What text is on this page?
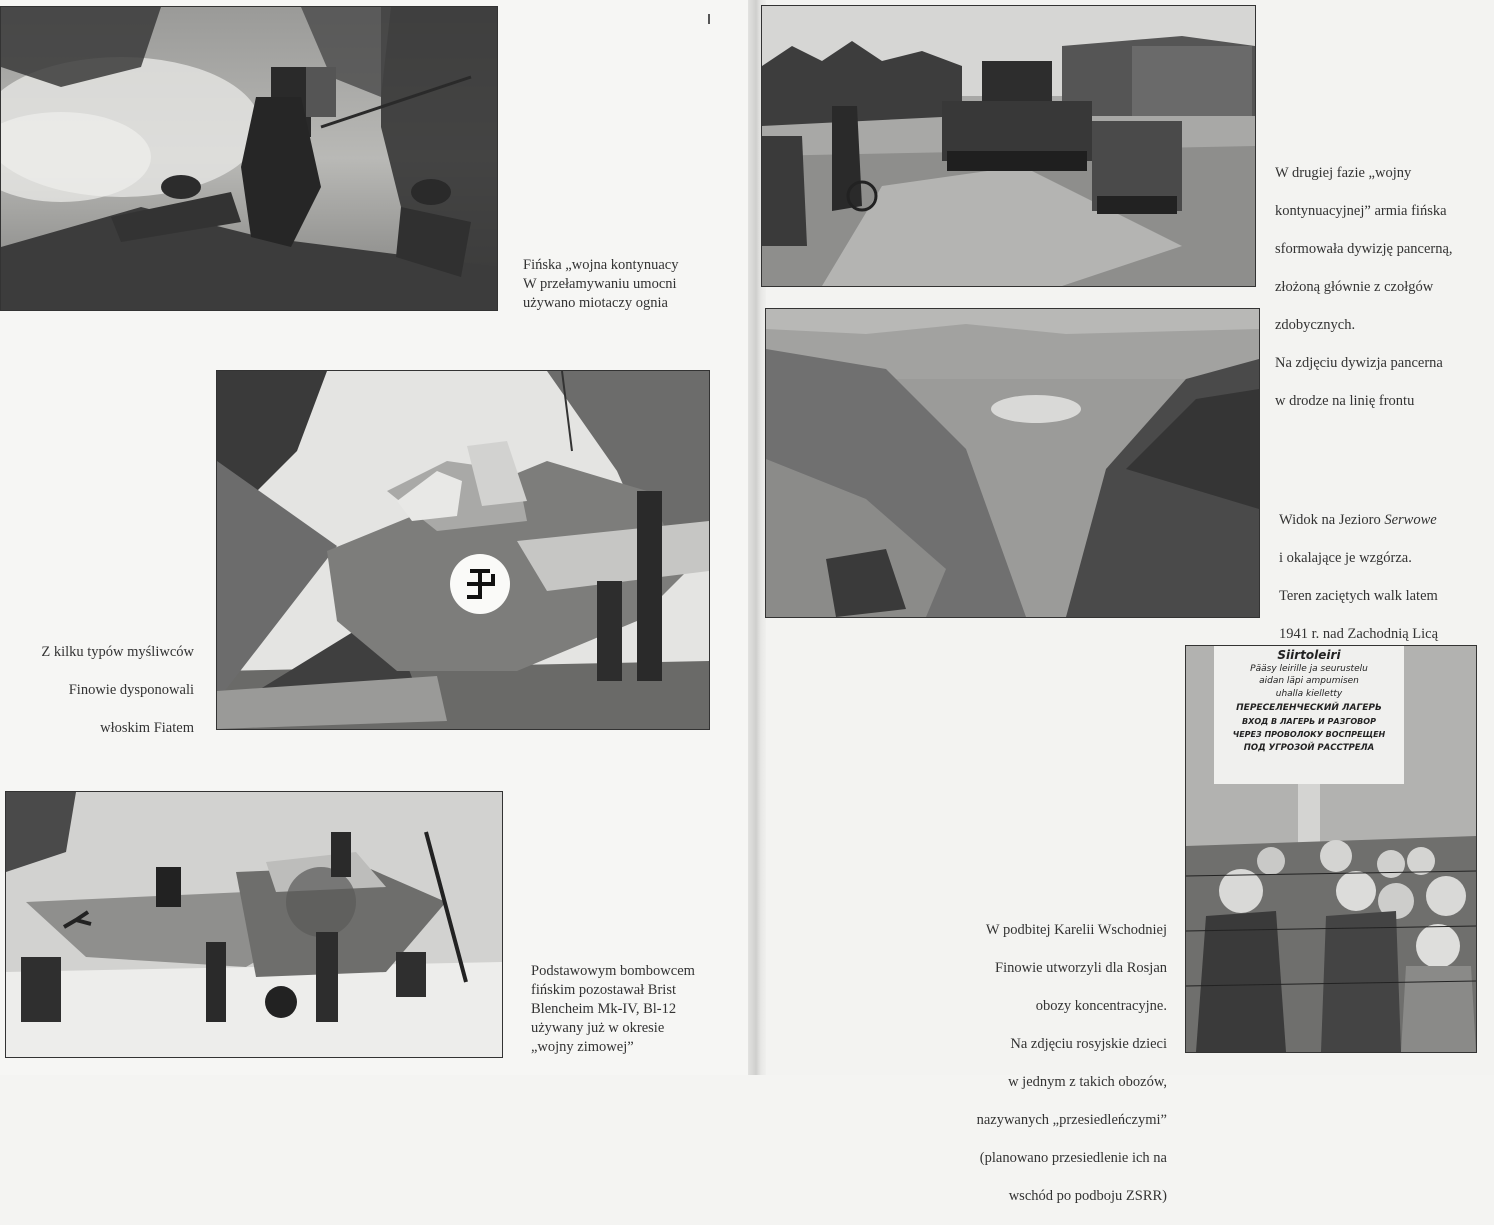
Fińska „wojna kontynuacy
W przełamywaniu umocni
używano miotaczy ognia

W drugiej fazie „wojny

kontynuacyjnej” armia fińska

sformowała dywizję pancerną,

złożoną głównie z czołgów

zdobycznych.

Na zdjęciu dywizja pancerna

w drodze na linię frontu

Z kilku typów myśliwców

Finowie dysponowali

włoskim Fiatem

Widok na Jezioro Serwowe

i okalające je wzgórza.

Teren zaciętych walk latem

1941 r. nad Zachodnią Licą

Podstawowym bombowcem
fińskim pozostawał Brist
Blencheim Mk-IV, Bl-12
używany już w okresie
„wojny zimowej”
Siirtoleiri
Pääsy leirille ja seurustelu
aidan läpi ampumisen
uhalla kielletty
ПЕРЕСЕЛЕНЧЕСКИЙ ЛАГЕРЬ
ВХОД В ЛАГЕРЬ И РАЗГОВОР
ЧЕРЕЗ ПРОВОЛОКУ ВОСПРЕЩЕН
ПОД УГРОЗОЙ РАССТРЕЛА

W podbitej Karelii Wschodniej

Finowie utworzyli dla Rosjan

obozy koncentracyjne.

Na zdjęciu rosyjskie dzieci

w jednym z takich obozów,

nazywanych „przesiedleńczymi”

(planowano przesiedlenie ich na

wschód po podboju ZSRR)
